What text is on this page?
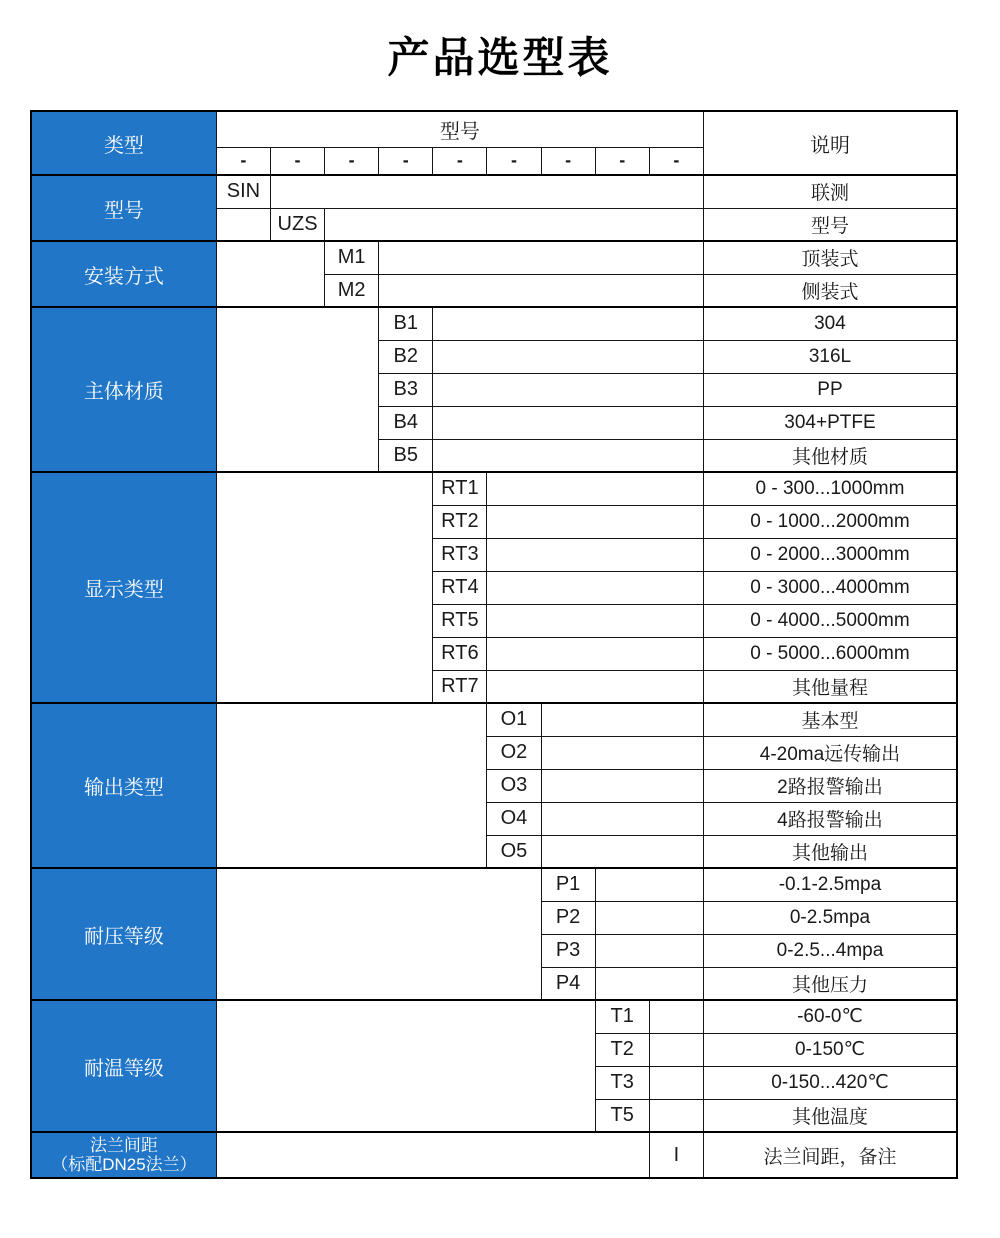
产品选型表
类型	型号									说明
	-	-	-	-	-	-	-	-	-	
型号	SIN									联测
		UZS								型号
安装方式			M1							顶装式
			M2							侧装式
主体材质				B1						304
				B2						316L
				B3						PP
				B4						304+PTFE
				B5						其他材质
显示类型					RT1					0 - 300...1000mm
					RT2					0 - 1000...2000mm
					RT3					0 - 2000...3000mm
					RT4					0 - 3000...4000mm
					RT5					0 - 4000...5000mm
					RT6					0 - 5000...6000mm
					RT7					其他量程
输出类型						O1				基本型
						O2				4-20ma远传输出
						O3				2路报警输出
						O4				4路报警输出
						O5				其他输出
耐压等级							P1			-0.1-2.5mpa
							P2			0-2.5mpa
							P3			0-2.5...4mpa
							P4			其他压力
耐温等级								T1		-60-0℃
								T2		0-150℃
								T3		0-150...420℃
								T5		其他温度

法兰间距
（标配DN25法兰）									I	法兰间距，备注
